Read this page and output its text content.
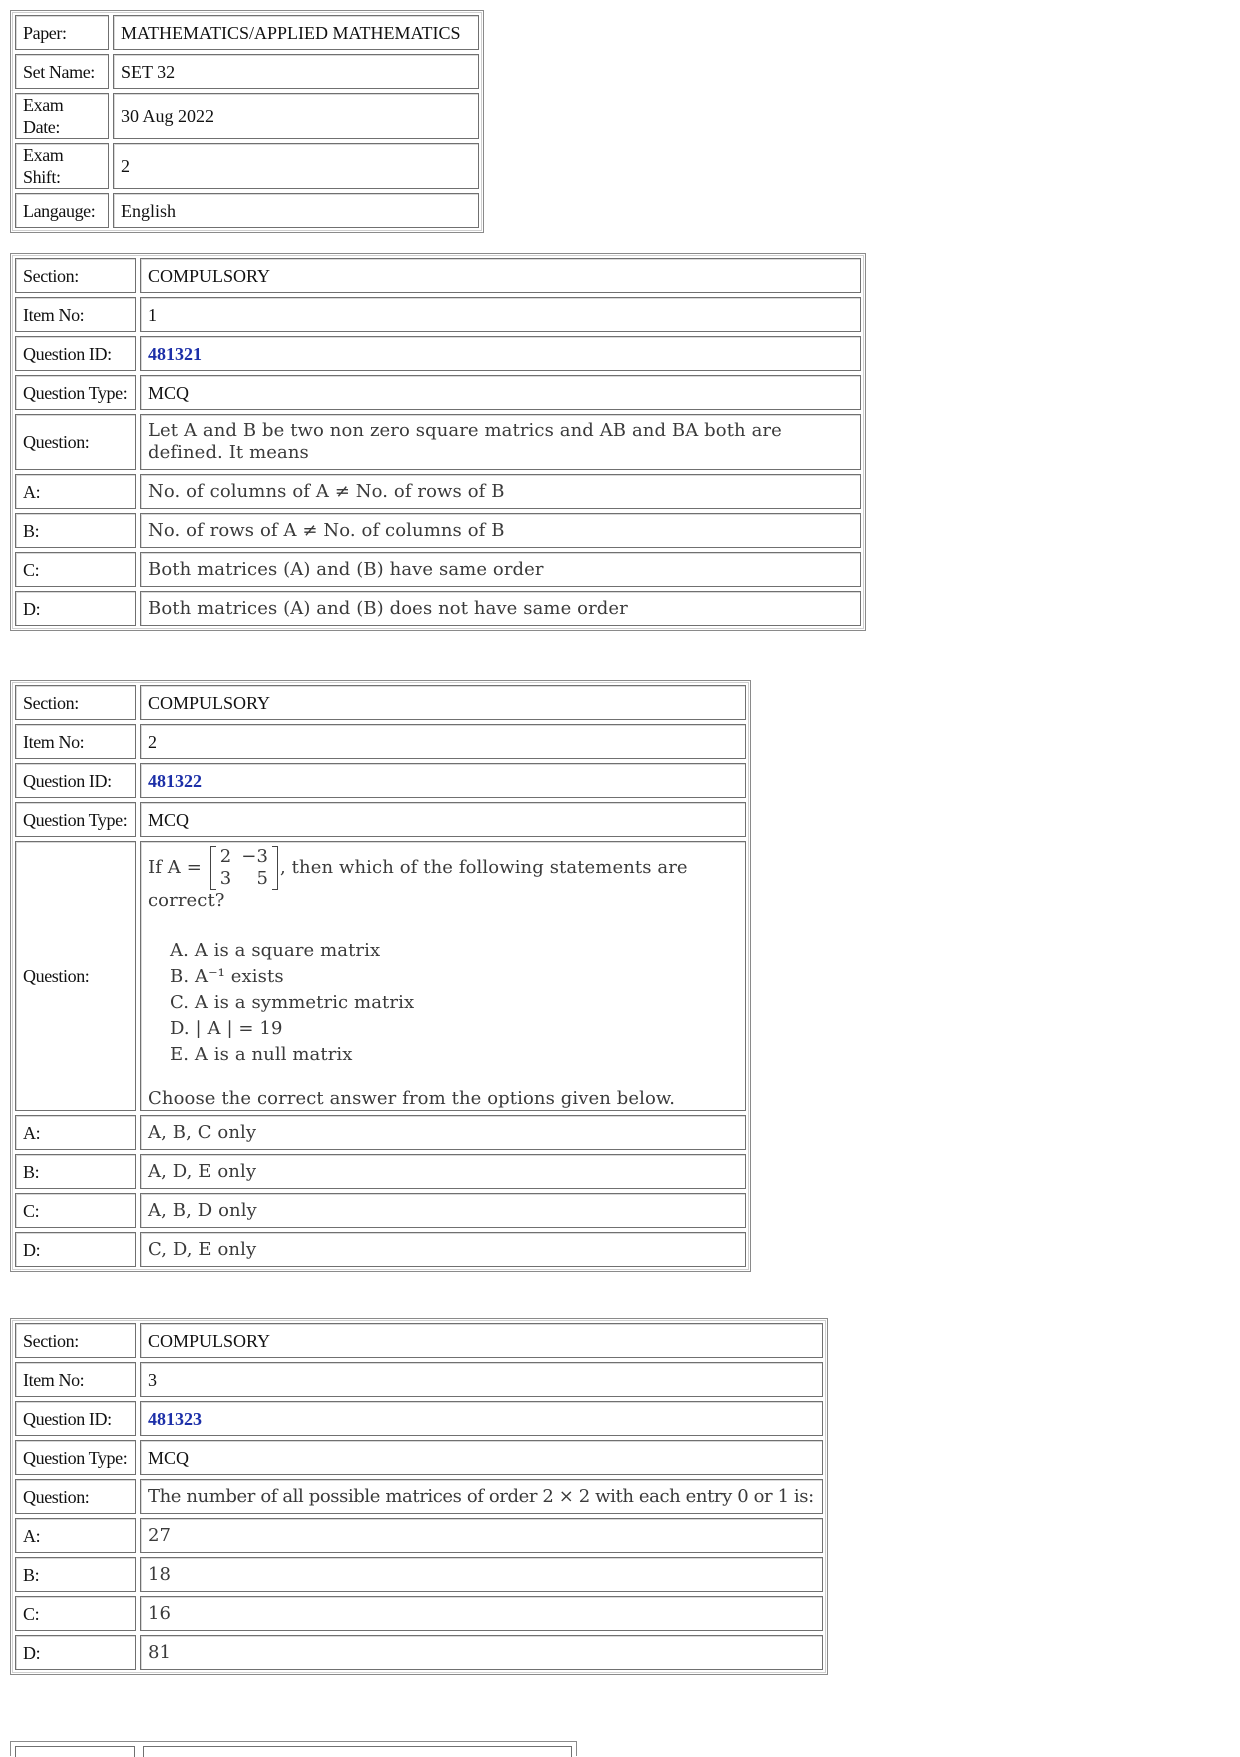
Paper:	MATHEMATICS/APPLIED MATHEMATICS
Set Name:	SET 32
Exam Date:	30 Aug 2022
Exam Shift:	2
Langauge:	English
Section:	COMPULSORY
Item No:	1
Question ID:	481321
Question Type:	MCQ
Question:	Let A and B be two non zero square matrics and AB and BA both are defined. It means
A:	No. of columns of A ≠ No. of rows of B
B:	No. of rows of A ≠ No. of columns of B
C:	Both matrices (A) and (B) have same order
D:	Both matrices (A) and (B) does not have same order
Section:	COMPULSORY
Item No:	2
Question ID:	481322
Question Type:	MCQ
Question:	
If A =
2	−3
3	5
, then which of the following statements are correct?
A. A is a square matrix
B. A⁻¹ exists
C. A is a symmetric matrix
D. | A | = 19
E. A is a null matrix
Choose the correct answer from the options given below.

A:	A, B, C only
B:	A, D, E only
C:	A, B, D only
D:	C, D, E only
Section:	COMPULSORY
Item No:	3
Question ID:	481323
Question Type:	MCQ
Question:	The number of all possible matrices of order 2 × 2 with each entry 0 or 1 is:
A:	27
B:	18
C:	16
D:	81
